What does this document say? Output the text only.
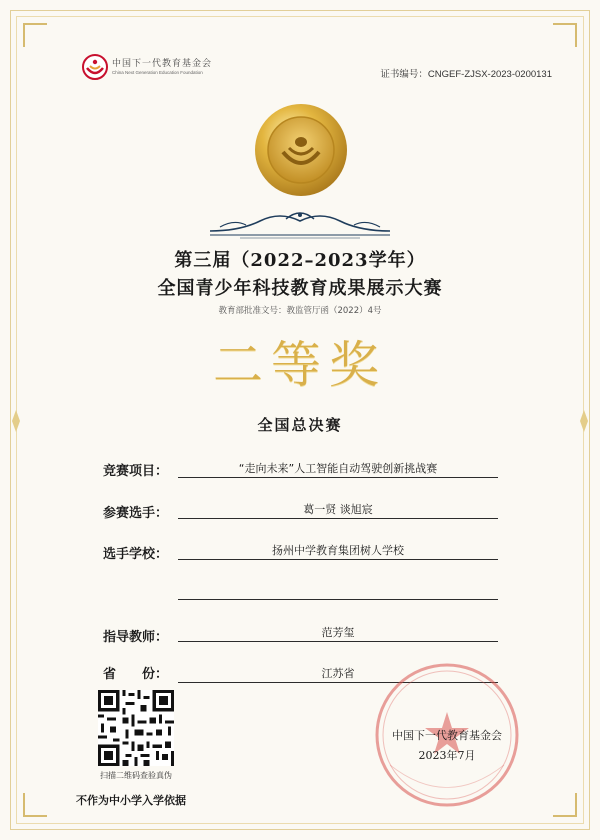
中国下一代教育基金会
China Next Generation Education Foundation	证书编号：CNGEF-ZJSX-2023-0200131
第三届（2022–2023学年）
全国青少年科技教育成果展示大赛
教育部批准文号：教监管厅函（2022）4号
二等奖
全国总决赛
竞赛项目：	“走向未来”人工智能自动驾驶创新挑战赛
参赛选手：	葛一贤 谈旭宸
选手学校：	扬州中学教育集团树人学校
指导教师：	范芳玺
省　　份：	江苏省
扫描二维码查验真伪
不作为中小学入学依据
中国下一代教育基金会
2023年7月
